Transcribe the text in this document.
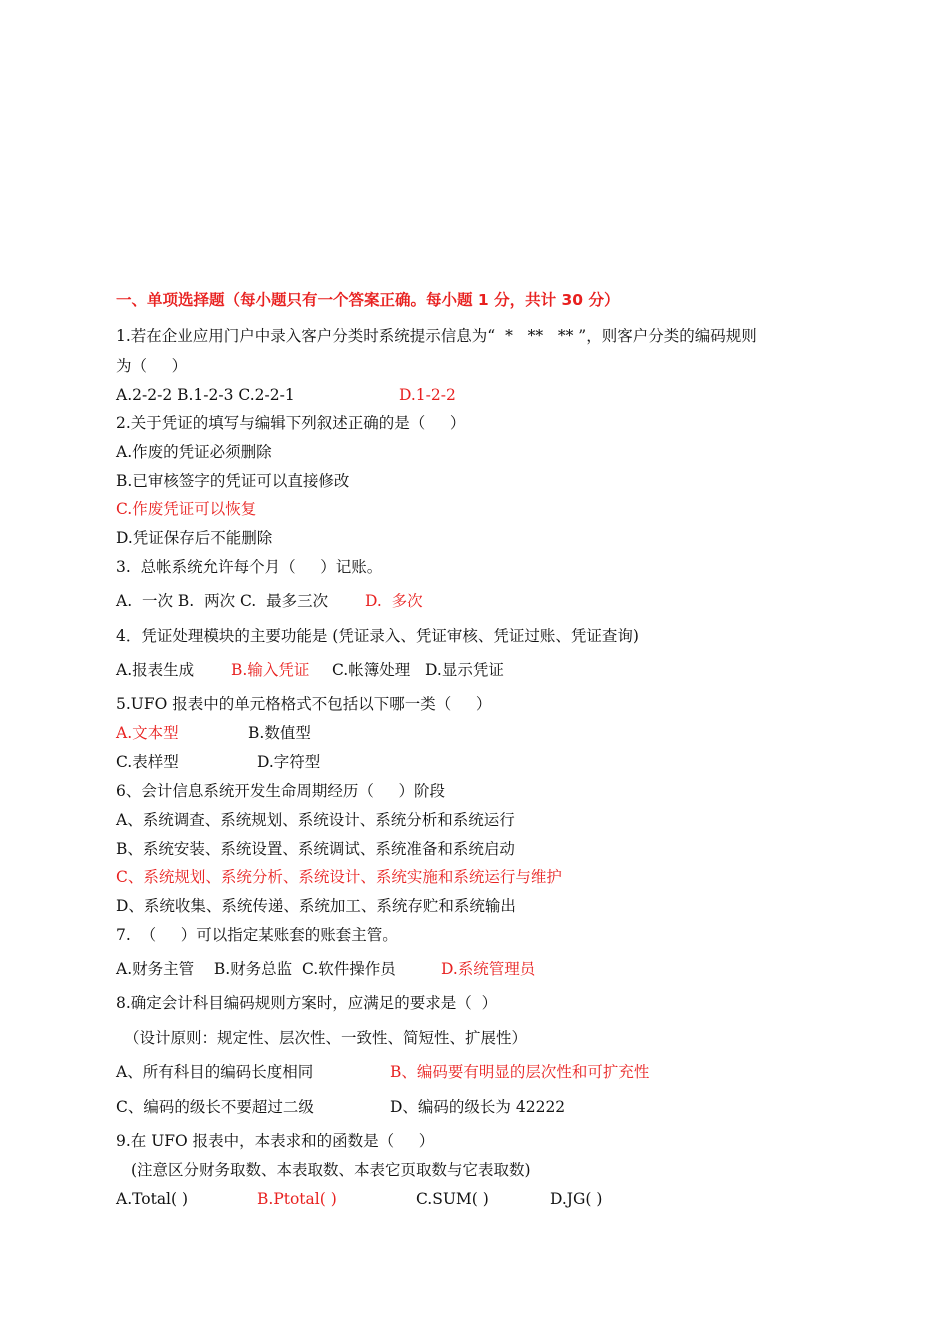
一、单项选择题（每小题只有一个答案正确。每小题 1 分，共计 30 分）
1.若在企业应用门户中录入客户分类时系统提示信息为“  *   **   ** ”，则客户分类的编码规则
为（     ）

A.2-2-2 B.1-2-3 C.2-2-1

	D.1-2-2

2.关于凭证的填写与编辑下列叙述正确的是（     ）
A.作废的凭证必须删除
B.已审核签字的凭证可以直接修改
C.作废凭证可以恢复
D.凭证保存后不能删除
3.  总帐系统允许每个月（     ）记账。

A.  一次 B.  两次 C.  最多三次

D.  多次

4．凭证处理模块的主要功能是 (凭证录入、凭证审核、凭证过账、凭证查询)

A.报表生成

B.输入凭证

C.帐簿处理   D.显示凭证

5.UFO 报表中的单元格格式不包括以下哪一类（     ）

A.文本型

	B.数值型

C.表样型

	D.字符型

6、会计信息系统开发生命周期经历（     ）阶段
A、系统调查、系统规划、系统设计、系统分析和系统运行
B、系统安装、系统设置、系统调试、系统准备和系统启动
C、系统规划、系统分析、系统设计、系统实施和系统运行与维护
D、系统收集、系统传递、系统加工、系统存贮和系统输出
7.  （     ）可以指定某账套的账套主管。

A.财务主管    B.财务总监  C.软件操作员

	D.系统管理员

8.确定会计科目编码规则方案时，应满足的要求是（  ）
（设计原则：规定性、层次性、一致性、简短性、扩展性）

A、所有科目的编码长度相同

	B、编码要有明显的层次性和可扩充性

C、编码的级长不要超过二级

	D、编码的级长为 42222

9.在 UFO 报表中，本表求和的函数是（     ）
(注意区分财务取数、本表取数、本表它页取数与它表取数)

A.Total( )

	B.Ptotal( )

	C.SUM( )

	D.JG( )
